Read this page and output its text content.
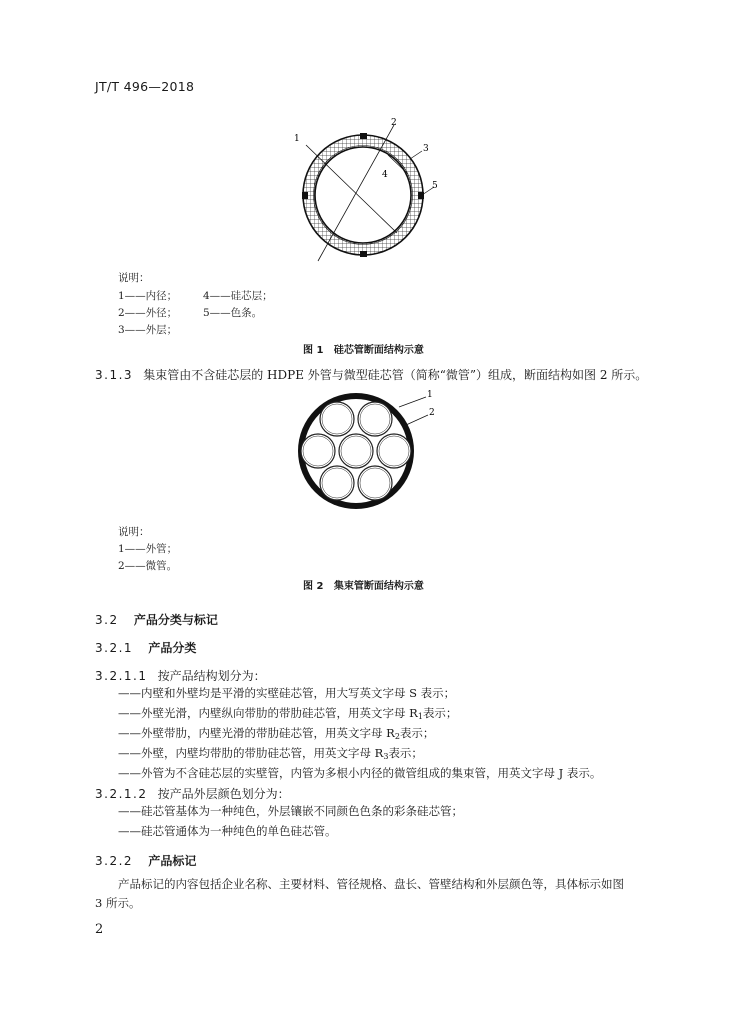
JT/T 496—2018
1
2
3
4
5
说明：
1——内径； 4——硅芯层；
2——外径； 5——色条。
3——外层；
图 1 硅芯管断面结构示意
3.1.3 集束管由不含硅芯层的 HDPE 外管与微型硅芯管（简称“微管”）组成，断面结构如图 2 所示。
1
2
说明：
1——外管；
2——微管。
图 2 集束管断面结构示意
3.2 产品分类与标记
3.2.1 产品分类
3.2.1.1 按产品结构划分为：
——内壁和外壁均是平滑的实壁硅芯管，用大写英文字母 S 表示；
——外壁光滑，内壁纵向带肋的带肋硅芯管，用英文字母 $R_1$表示；
——外壁带肋，内壁光滑的带肋硅芯管，用英文字母 $R_2$表示；
——外壁，内壁均带肋的带肋硅芯管，用英文字母 $R_3$表示；
——外管为不含硅芯层的实壁管，内管为多根小内径的微管组成的集束管，用英文字母 J 表示。
3.2.1.2 按产品外层颜色划分为：
——硅芯管基体为一种纯色，外层镶嵌不同颜色色条的彩条硅芯管；
——硅芯管通体为一种纯色的单色硅芯管。
3.2.2 产品标记
产品标记的内容包括企业名称、主要材料、管径规格、盘长、管壁结构和外层颜色等，具体标示如图
3 所示。
2
